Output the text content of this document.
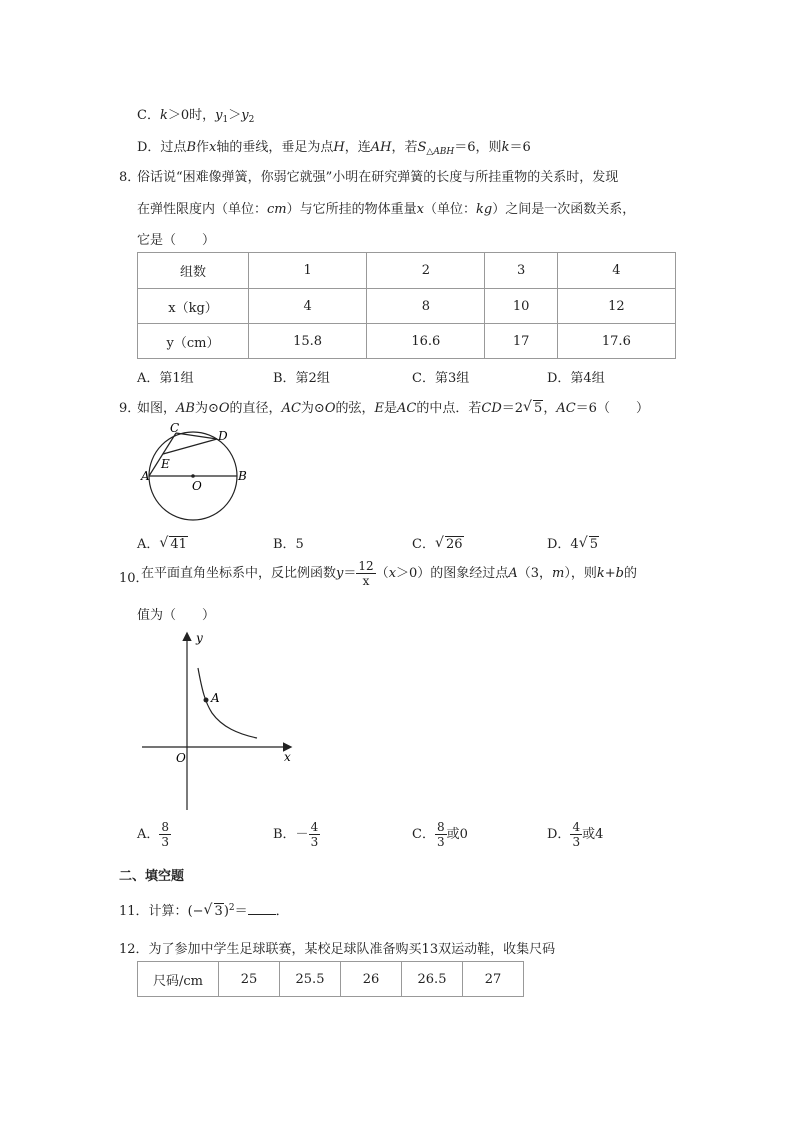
C．k＞0时，$y_1>y_2$
D．过点B作x轴的垂线，垂足为点H，连AH，若$S_{\triangle ABH}=6$，则k＝6
8．
俗话说“困难像弹簧，你弱它就强”小明在研究弹簧的长度与所挂重物的关系时，发现
在弹性限度内（单位：cm）与它所挂的物体重量x（单位：kg）之间是一次函数关系，
它是（　　）
组数	1	2	3	4
x（kg）	4	8	10	12
y（cm）	15.8	16.6	17	17.6
A．第1组	B．第2组	C．第3组	D．第4组
9．
如图，AB为⊙O的直径，AC为⊙O的弦，E是AC的中点．若CD＝2 √ 5，AC＝6（　　）
C
D
E
A
O
B
A． √ 41	B．5	C． √ 26	D．4 √ 5
10．
在平面直角坐标系中，反比例函数$y= \frac{12}{x} (x>0)$的图象经过点A（3，m），则k+b的
值为（　　）
y
A
O	x
A． $\frac{8}{3}$	B．－ $\frac{4}{3}$	C． $\frac{8}{3}$ 或0	D． $\frac{4}{3}$ 或4
二、填空题
11．计算：(− √ 3)$^2$＝ ．
12．为了参加中学生足球联赛，某校足球队准备购买13双运动鞋，收集尺码
尺码/cm	25	25.5	26	26.5	27
